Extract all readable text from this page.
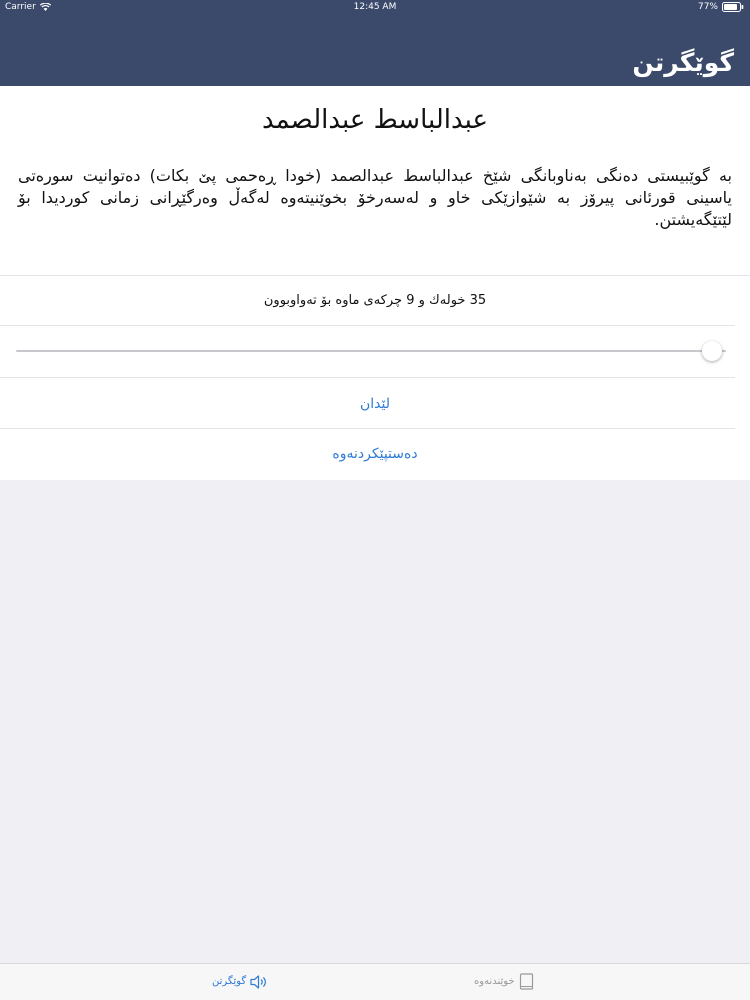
Carrier	12:45 AM	77%
گوێگرتن
عبدالباسط عبدالصمد
به گوێبیستی دەنگی بەناوبانگی شێخ عبدالباسط عبدالصمد (خودا ڕەحمی پێ بکات) دەتوانیت سورەتی یاسینی قورئانی پیرۆز بە شێوازێکی خاو و لەسەرخۆ بخوێنیتەوە لەگەڵ وەرگێڕانی زمانی کوردیدا بۆ لێتێگەیشتن.
35 خولەك و 9 چرکەی ماوە بۆ تەواوبوون
لێدان
دەستپێکردنەوە
گوێگرتن	خوێندنەوە
